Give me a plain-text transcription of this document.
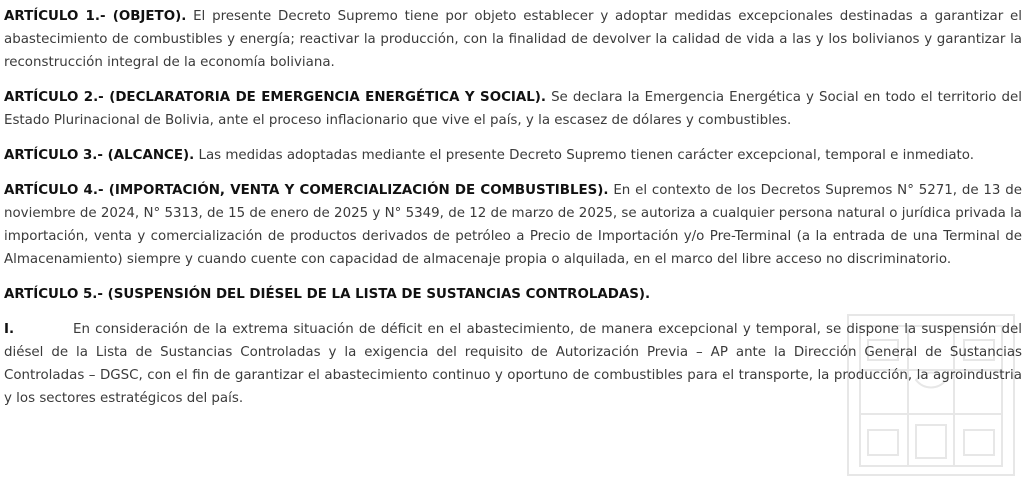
ARTÍCULO 1.- (OBJETO). El presente Decreto Supremo tiene por objeto establecer y adoptar medidas excepcionales destinadas a garantizar el abastecimiento de combustibles y energía; reactivar la producción, con la finalidad de devolver la calidad de vida a las y los bolivianos y garantizar la reconstrucción integral de la economía boliviana.

ARTÍCULO 2.- (DECLARATORIA DE EMERGENCIA ENERGÉTICA Y SOCIAL). Se declara la Emergencia Energética y Social en todo el territorio del Estado Plurinacional de Bolivia, ante el proceso inflacionario que vive el país, y la escasez de dólares y combustibles.

ARTÍCULO 3.- (ALCANCE). Las medidas adoptadas mediante el presente Decreto Supremo tienen carácter excepcional, temporal e inmediato.

ARTÍCULO 4.- (IMPORTACIÓN, VENTA Y COMERCIALIZACIÓN DE COMBUSTIBLES). En el contexto de los Decretos Supremos N° 5271, de 13 de noviembre de 2024, N° 5313, de 15 de enero de 2025 y N° 5349, de 12 de marzo de 2025, se autoriza a cualquier persona natural o jurídica privada la importación, venta y comercialización de productos derivados de petróleo a Precio de Importación y/o Pre-Terminal (a la entrada de una Terminal de Almacenamiento) siempre y cuando cuente con capacidad de almacenaje propia o alquilada, en el marco del libre acceso no discriminatorio.

ARTÍCULO 5.- (SUSPENSIÓN DEL DIÉSEL DE LA LISTA DE SUSTANCIAS CONTROLADAS).

I.	En consideración de la extrema situación de déficit en el abastecimiento, de manera excepcional y temporal, se dispone la suspensión del diésel de la Lista de Sustancias Controladas y la exigencia del requisito de Autorización Previa – AP ante la Dirección General de Sustancias Controladas – DGSC, con el fin de garantizar el abastecimiento continuo y oportuno de combustibles para el transporte, la producción, la agroindustria y los sectores estratégicos del país.
